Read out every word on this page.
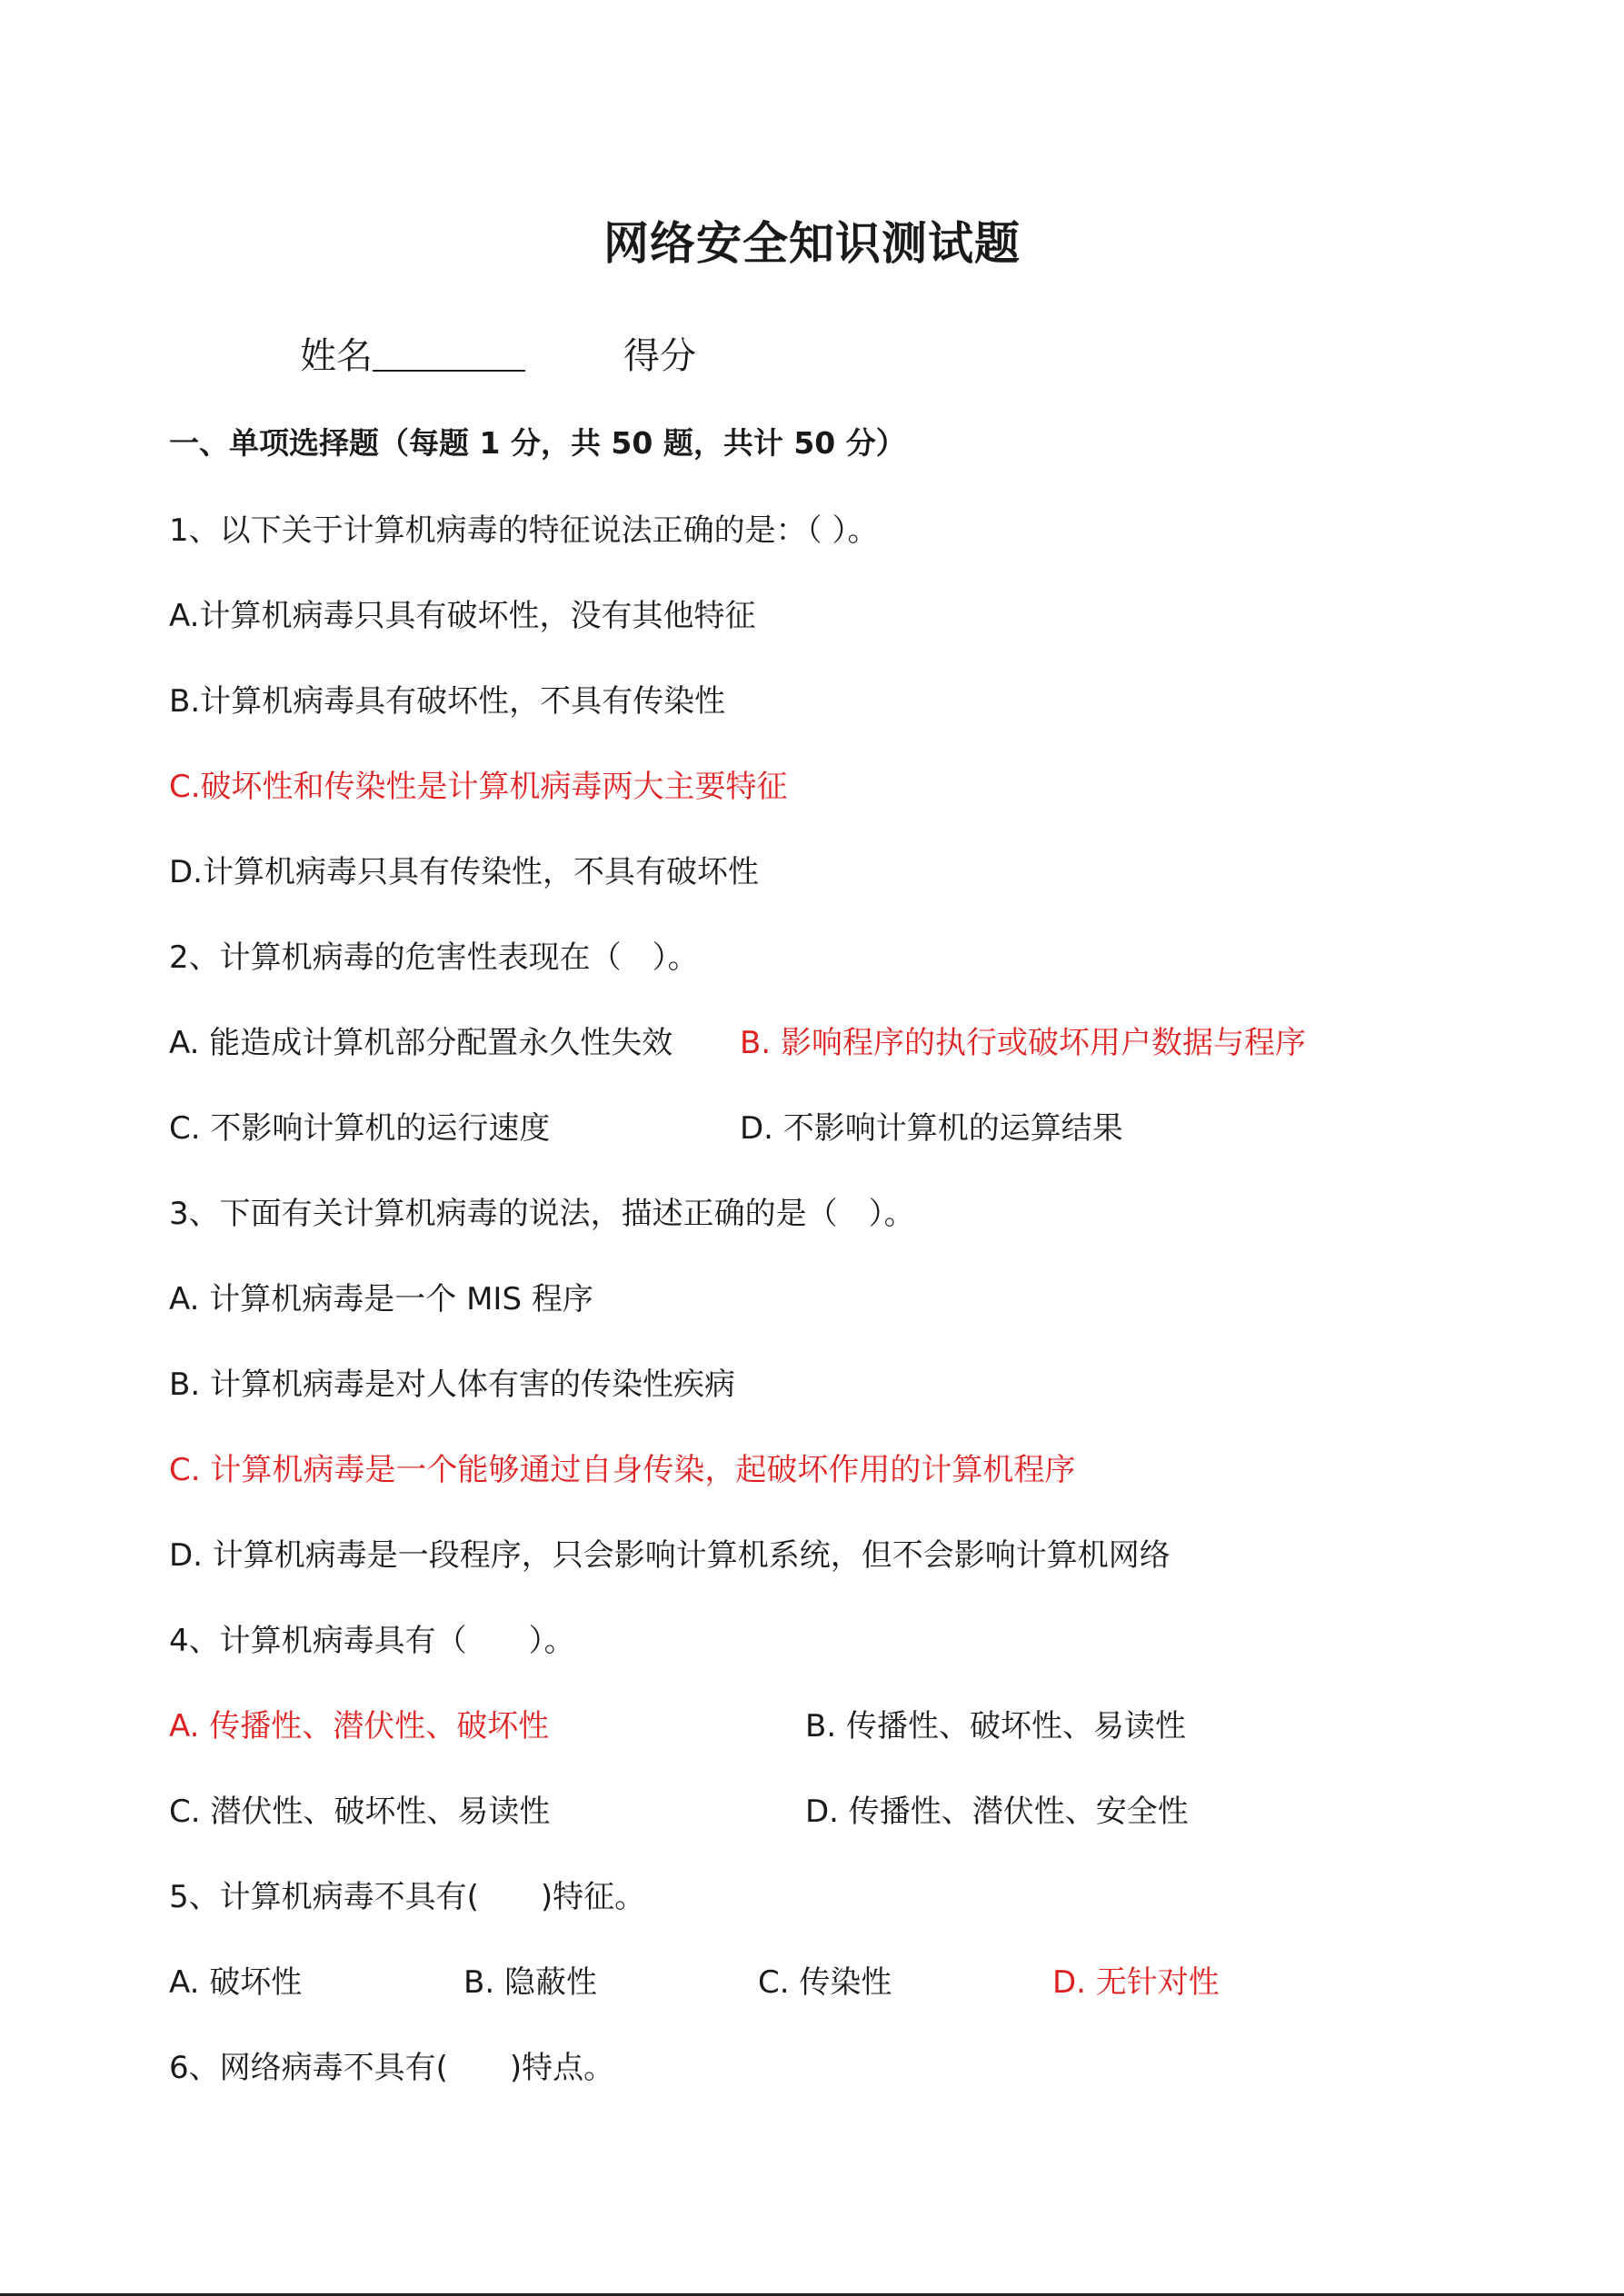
网络安全知识测试题
姓名	得分
一、单项选择题（每题 1 分，共 50 题，共计 50 分）
1、以下关于计算机病毒的特征说法正确的是：（ ）。
A.计算机病毒只具有破坏性，没有其他特征
B.计算机病毒具有破坏性，不具有传染性
C.破坏性和传染性是计算机病毒两大主要特征
D.计算机病毒只具有传染性，不具有破坏性
2、计算机病毒的危害性表现在（　）。
A. 能造成计算机部分配置永久性失效 B. 影响程序的执行或破坏用户数据与程序
C. 不影响计算机的运行速度	D. 不影响计算机的运算结果
3、下面有关计算机病毒的说法，描述正确的是（　）。
A. 计算机病毒是一个 MIS 程序
B. 计算机病毒是对人体有害的传染性疾病
C. 计算机病毒是一个能够通过自身传染，起破坏作用的计算机程序
D. 计算机病毒是一段程序，只会影响计算机系统，但不会影响计算机网络
4、计算机病毒具有（　　）。
A. 传播性、潜伏性、破坏性	B. 传播性、破坏性、易读性
C. 潜伏性、破坏性、易读性	D. 传播性、潜伏性、安全性
5、计算机病毒不具有(　　)特征。
A. 破坏性	B. 隐蔽性	C. 传染性	D. 无针对性
6、网络病毒不具有(　　)特点。
